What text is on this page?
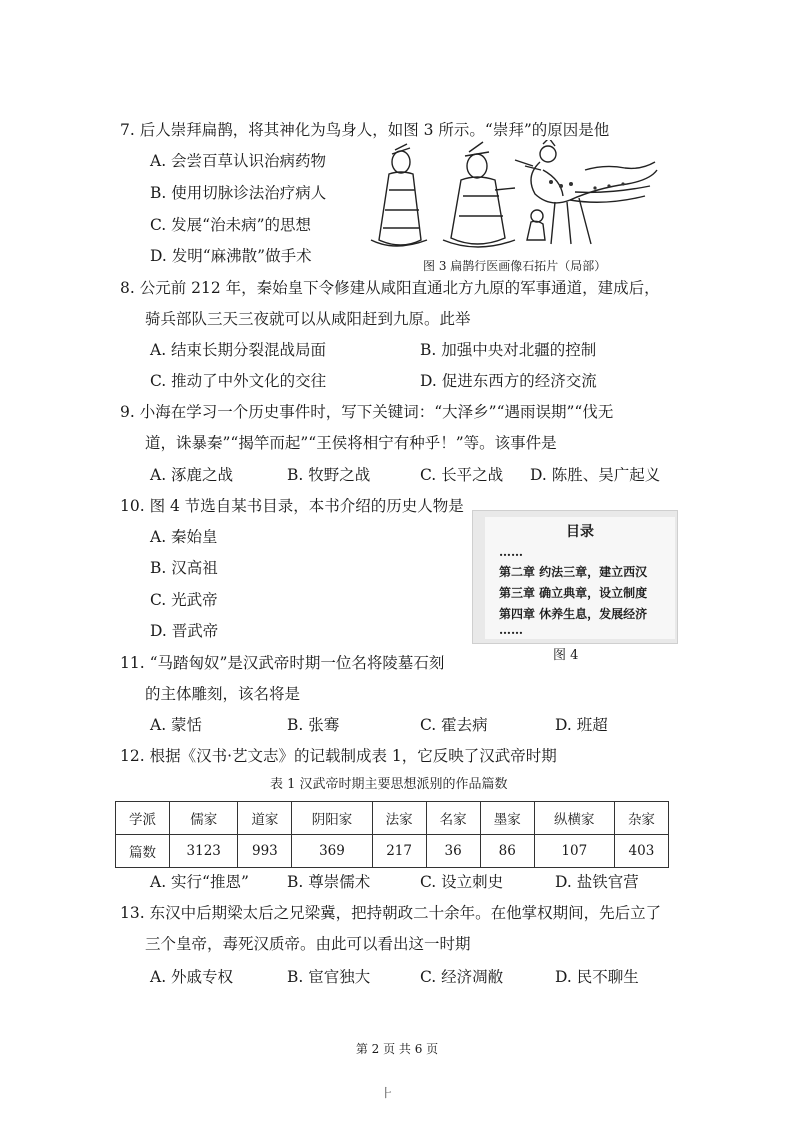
7. 后人崇拜扁鹊，将其神化为鸟身人，如图 3 所示。“崇拜”的原因是他
A. 会尝百草认识治病药物
B. 使用切脉诊法治疗病人
C. 发展“治未病”的思想
D. 发明“麻沸散”做手术
图 3 扁鹊行医画像石拓片（局部）
8. 公元前 212 年，秦始皇下令修建从咸阳直通北方九原的军事通道，建成后，
骑兵部队三天三夜就可以从咸阳赶到九原。此举
A. 结束长期分裂混战局面	B. 加强中央对北疆的控制
C. 推动了中外文化的交往	D. 促进东西方的经济交流
9. 小海在学习一个历史事件时，写下关键词：“大泽乡”“遇雨误期”“伐无
道，诛暴秦”“揭竿而起”“王侯将相宁有种乎！”等。该事件是
A. 涿鹿之战	B. 牧野之战	C. 长平之战 D. 陈胜、吴广起义
10. 图 4 节选自某书目录，本书介绍的历史人物是
A. 秦始皇
B. 汉高祖
C. 光武帝
D. 晋武帝
目录
……
第二章 约法三章，建立西汉
第三章 确立典章，设立制度
第四章 休养生息，发展经济
……
图 4
11. “马踏匈奴”是汉武帝时期一位名将陵墓石刻
的主体雕刻，该名将是
A. 蒙恬	B. 张骞	C. 霍去病	D. 班超
12. 根据《汉书·艺文志》的记载制成表 1，它反映了汉武帝时期
表 1 汉武帝时期主要思想派别的作品篇数
学派	儒家	道家	阴阳家	法家	名家	墨家	纵横家	杂家
篇数	3123	993	369	217	36	86	107	403
A. 实行“推恩” B. 尊崇儒术	C. 设立刺史	D. 盐铁官营
13. 东汉中后期梁太后之兄梁冀，把持朝政二十余年。在他掌权期间，先后立了
三个皇帝，毒死汉质帝。由此可以看出这一时期
A. 外戚专权	B. 宦官独大	C. 经济凋敝	D. 民不聊生
第 2 页 共 6 页
⺊
